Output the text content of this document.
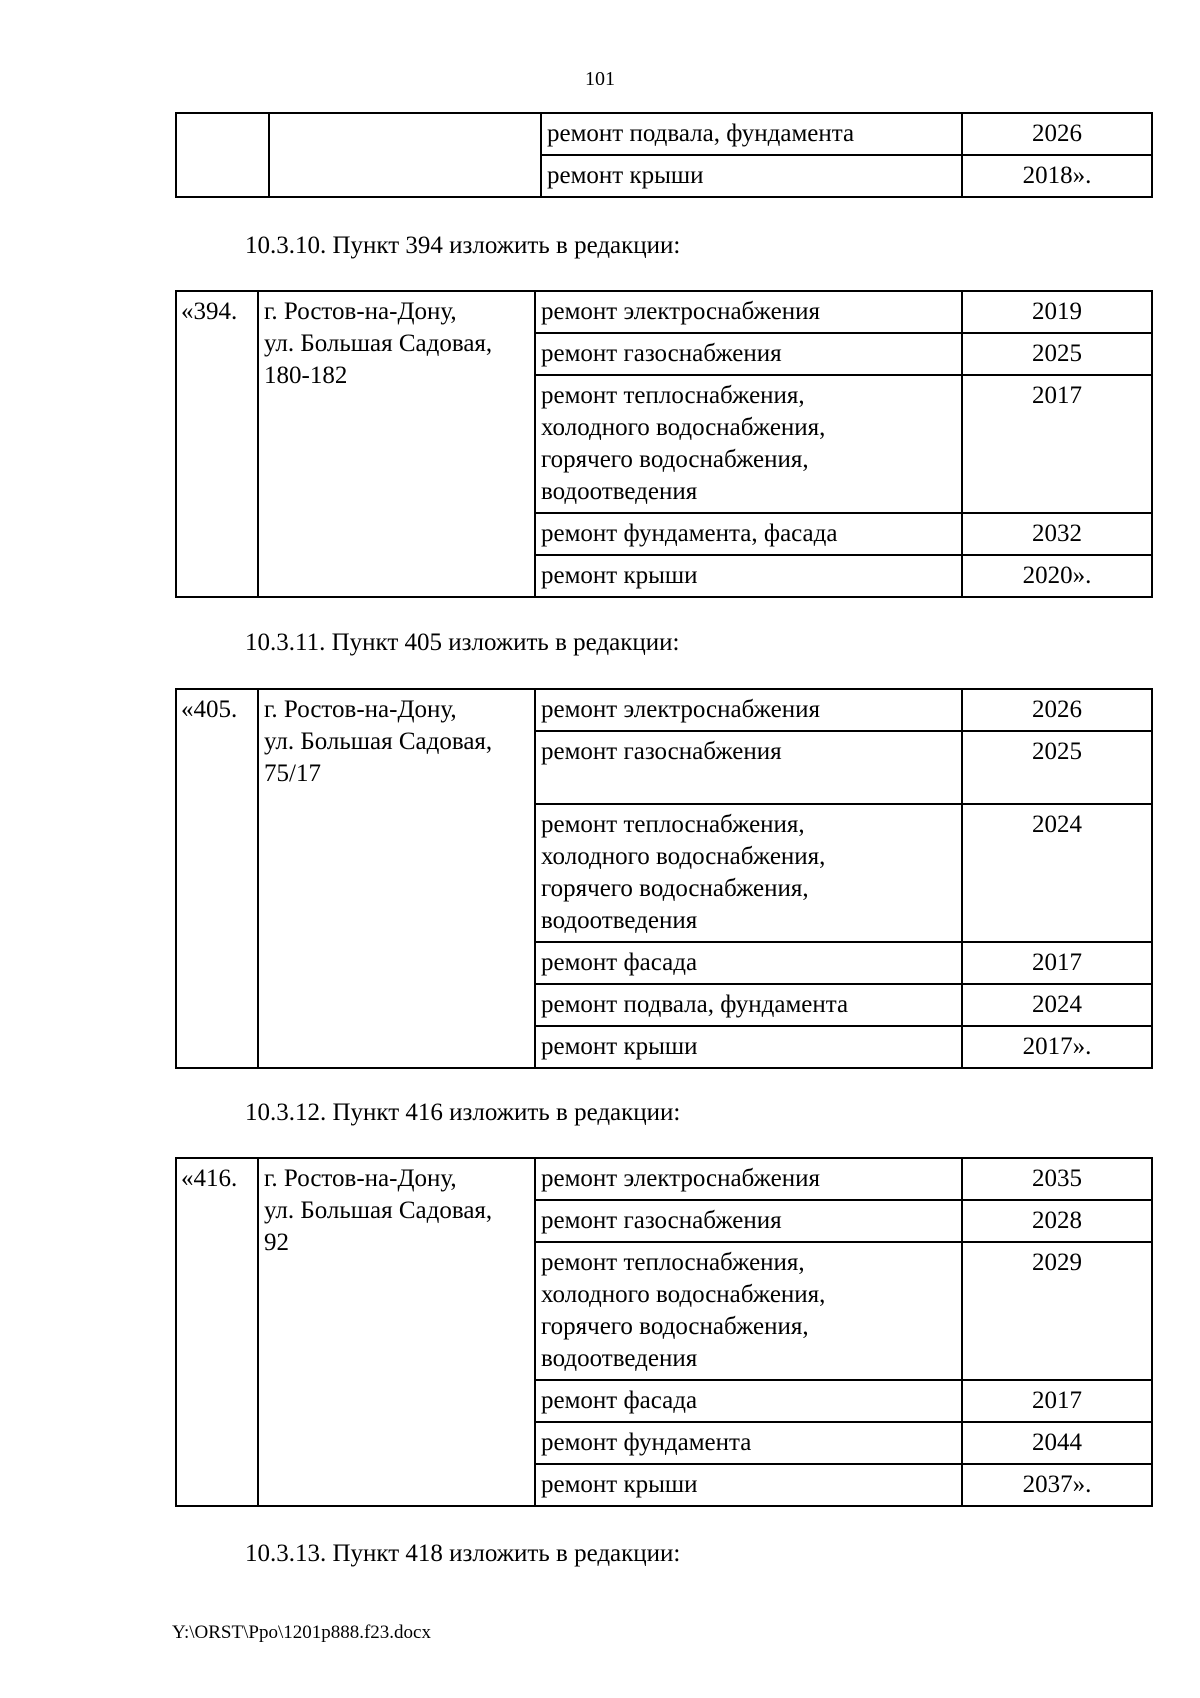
101
		ремонт подвала, фундамента	2026
		ремонт крыши	2018».
10.3.10. Пункт 394 изложить в редакции:
«394.	г. Ростов-на-Дону,
ул. Большая Садовая,
180-182	ремонт электроснабжения	2019
		ремонт газоснабжения	2025
		ремонт теплоснабжения,
холодного водоснабжения,
горячего водоснабжения,
водоотведения	2017
		ремонт фундамента, фасада	2032
		ремонт крыши	2020».
10.3.11. Пункт 405 изложить в редакции:
«405.	г. Ростов-на-Дону,
ул. Большая Садовая,
75/17	ремонт электроснабжения	2026
		ремонт газоснабжения	2025
		ремонт теплоснабжения,
холодного водоснабжения,
горячего водоснабжения,
водоотведения	2024
		ремонт фасада	2017
		ремонт подвала, фундамента	2024
		ремонт крыши	2017».
10.3.12. Пункт 416 изложить в редакции:
«416.	г. Ростов-на-Дону,
ул. Большая Садовая,
92	ремонт электроснабжения	2035
		ремонт газоснабжения	2028
		ремонт теплоснабжения,
холодного водоснабжения,
горячего водоснабжения,
водоотведения	2029
		ремонт фасада	2017
		ремонт фундамента	2044
		ремонт крыши	2037».
10.3.13. Пункт 418 изложить в редакции:
Y:\ORST\Ppo\1201p888.f23.docx
